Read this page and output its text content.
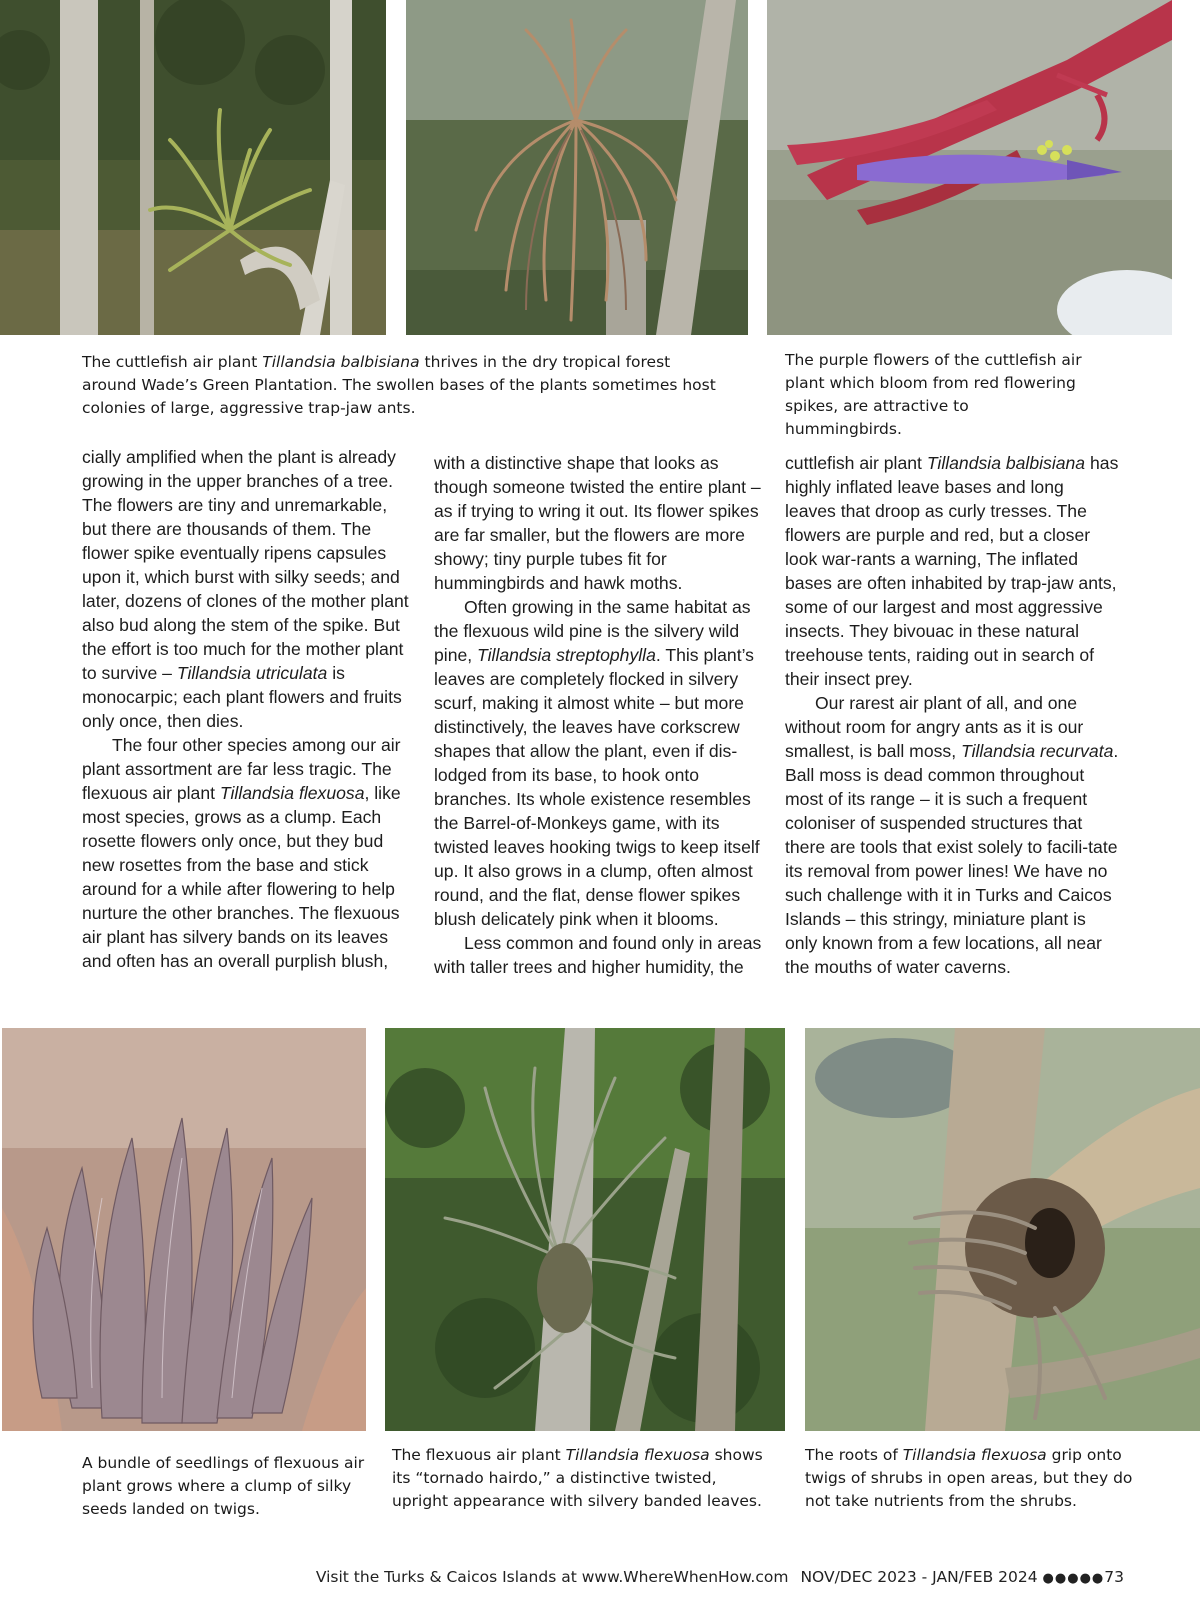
The cuttlefish air plant Tillandsia balbisiana thrives in the dry tropical forest around Wade’s Green Plantation. The swollen bases of the plants sometimes host colonies of large, aggressive trap-jaw ants.
The purple flowers of the cuttlefish air plant which bloom from red flowering spikes, are attractive to hummingbirds.

cially amplified when the plant is already growing in the upper branches of a tree. The flowers are tiny and unremarkable, but there are thousands of them. The flower spike eventually ripens capsules upon it, which burst with silky seeds; and later, dozens of clones of the mother plant also bud along the stem of the spike. But the effort is too much for the mother plant to survive – Tillandsia utriculata is monocarpic; each plant flowers and fruits only once, then dies.

The four other species among our air plant assortment are far less tragic. The flexuous air plant Tillandsia flexuosa, like most species, grows as a clump. Each rosette flowers only once, but they bud new rosettes from the base and stick around for a while after flowering to help nurture the other branches. The flexuous air plant has silvery bands on its leaves and often has an overall purplish blush,

with a distinctive shape that looks as though someone twisted the entire plant – as if trying to wring it out. Its flower spikes are far smaller, but the flowers are more showy; tiny purple tubes fit for hummingbirds and hawk moths.

Often growing in the same habitat as the flexuous wild pine is the silvery wild pine, Tillandsia streptophylla. This plant’s leaves are completely flocked in silvery scurf, making it almost white – but more distinctively, the leaves have corkscrew shapes that allow the plant, even if dis-lodged from its base, to hook onto branches. Its whole existence resembles the Barrel-of-Monkeys game, with its twisted leaves hooking twigs to keep itself up. It also grows in a clump, often almost round, and the flat, dense flower spikes blush delicately pink when it blooms.

Less common and found only in areas with taller trees and higher humidity, the

cuttlefish air plant Tillandsia balbisiana has highly inflated leave bases and long leaves that droop as curly tresses. The flowers are purple and red, but a closer look war-rants a warning, The inflated bases are often inhabited by trap-jaw ants, some of our largest and most aggressive insects. They bivouac in these natural treehouse tents, raiding out in search of their insect prey.

Our rarest air plant of all, and one without room for angry ants as it is our smallest, is ball moss, Tillandsia recurvata. Ball moss is dead common throughout most of its range – it is such a frequent coloniser of suspended structures that there are tools that exist solely to facili-tate its removal from power lines! We have no such challenge with it in Turks and Caicos Islands – this stringy, miniature plant is only known from a few locations, all near the mouths of water caverns.

A bundle of seedlings of flexuous air plant grows where a clump of silky seeds landed on twigs.
The flexuous air plant Tillandsia flexuosa shows its “tornado hairdo,” a distinctive twisted, upright appearance with silvery banded leaves.
The roots of Tillandsia flexuosa grip onto twigs of shrubs in open areas, but they do not take nutrients from the shrubs.
Visit the Turks & Caicos Islands at www.WhereWhenHow.com NOV/DEC 2023 - JAN/FEB 2024 ●●●●●73
